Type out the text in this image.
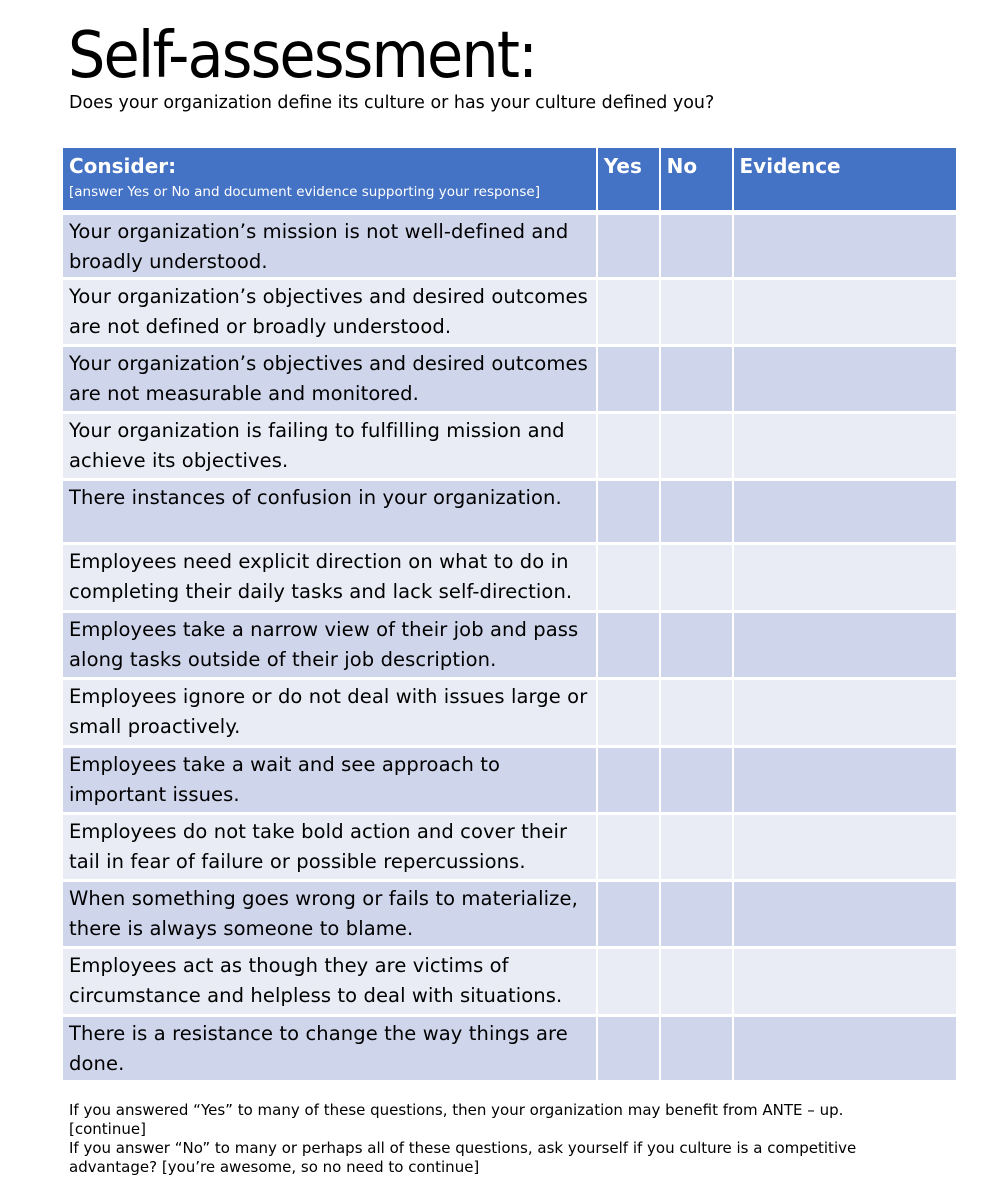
Self-assessment:
Does your organization define its culture or has your culture defined you?
Consider:
[answer Yes or No and document evidence supporting your response]
Yes	No	Evidence
Your organization’s mission is not well-defined and broadly understood.
Your organization’s objectives and desired outcomes are not defined or broadly understood.
Your organization’s objectives and desired outcomes are not measurable and monitored.
Your organization is failing to fulfilling mission and achieve its objectives.
There instances of confusion in your organization.
Employees need explicit direction on what to do in completing their daily tasks and lack self-direction.
Employees take a narrow view of their job and pass along tasks outside of their job description.
Employees ignore or do not deal with issues large or small proactively.
Employees take a wait and see approach to important issues.
Employees do not take bold action and cover their tail in fear of failure or possible repercussions.
When something goes wrong or fails to materialize, there is always someone to blame.
Employees act as though they are victims of circumstance and helpless to deal with situations.
There is a resistance to change the way things are done.

If you answered “Yes” to many of these questions, then your organization may benefit from ANTE – up.

[continue]

If you answer “No” to many or perhaps all of these questions, ask yourself if you culture is a competitive advantage? [you’re awesome, so no need to continue]
